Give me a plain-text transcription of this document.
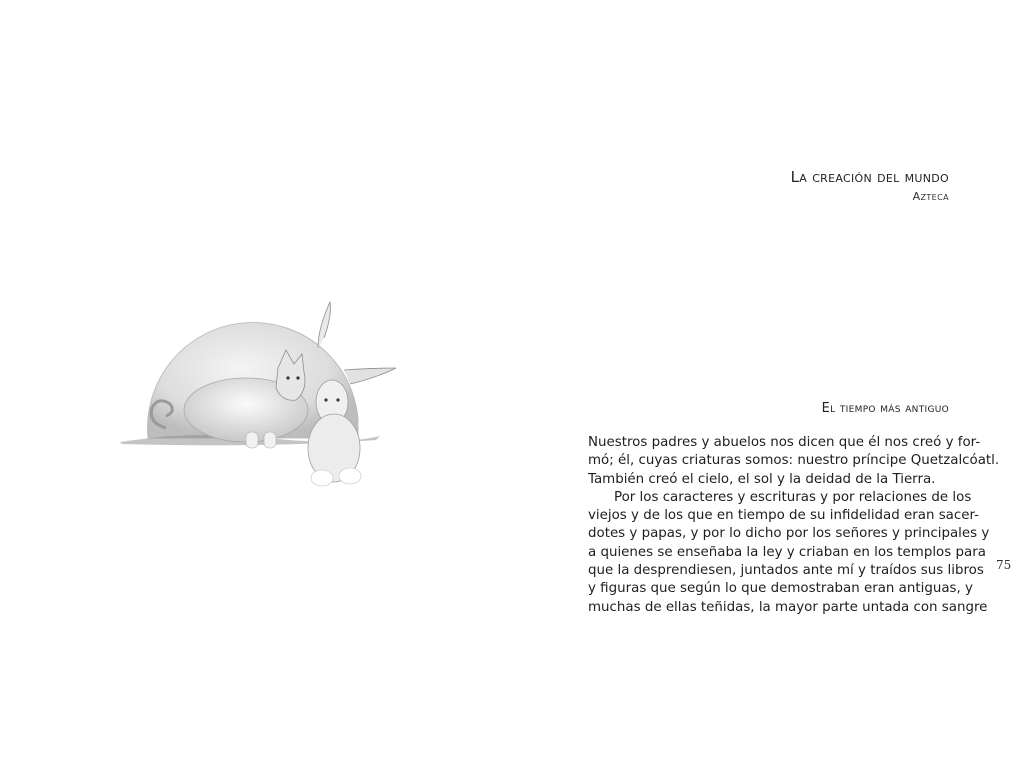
La creación del mundo
Azteca
El tiempo más antiguo
Nuestros padres y abuelos nos dicen que él nos creó y for-
mó; él, cuyas criaturas somos: nuestro príncipe Quetzalcóatl.
También creó el cielo, el sol y la deidad de la Tierra.
Por los caracteres y escrituras y por relaciones de los
viejos y de los que en tiempo de su infidelidad eran sacer-
dotes y papas, y por lo dicho por los señores y principales y
a quienes se enseñaba la ley y criaban en los templos para
que la desprendiesen, juntados ante mí y traídos sus libros
y figuras que según lo que demostraban eran antiguas, y
muchas de ellas teñidas, la mayor parte untada con sangre
75
